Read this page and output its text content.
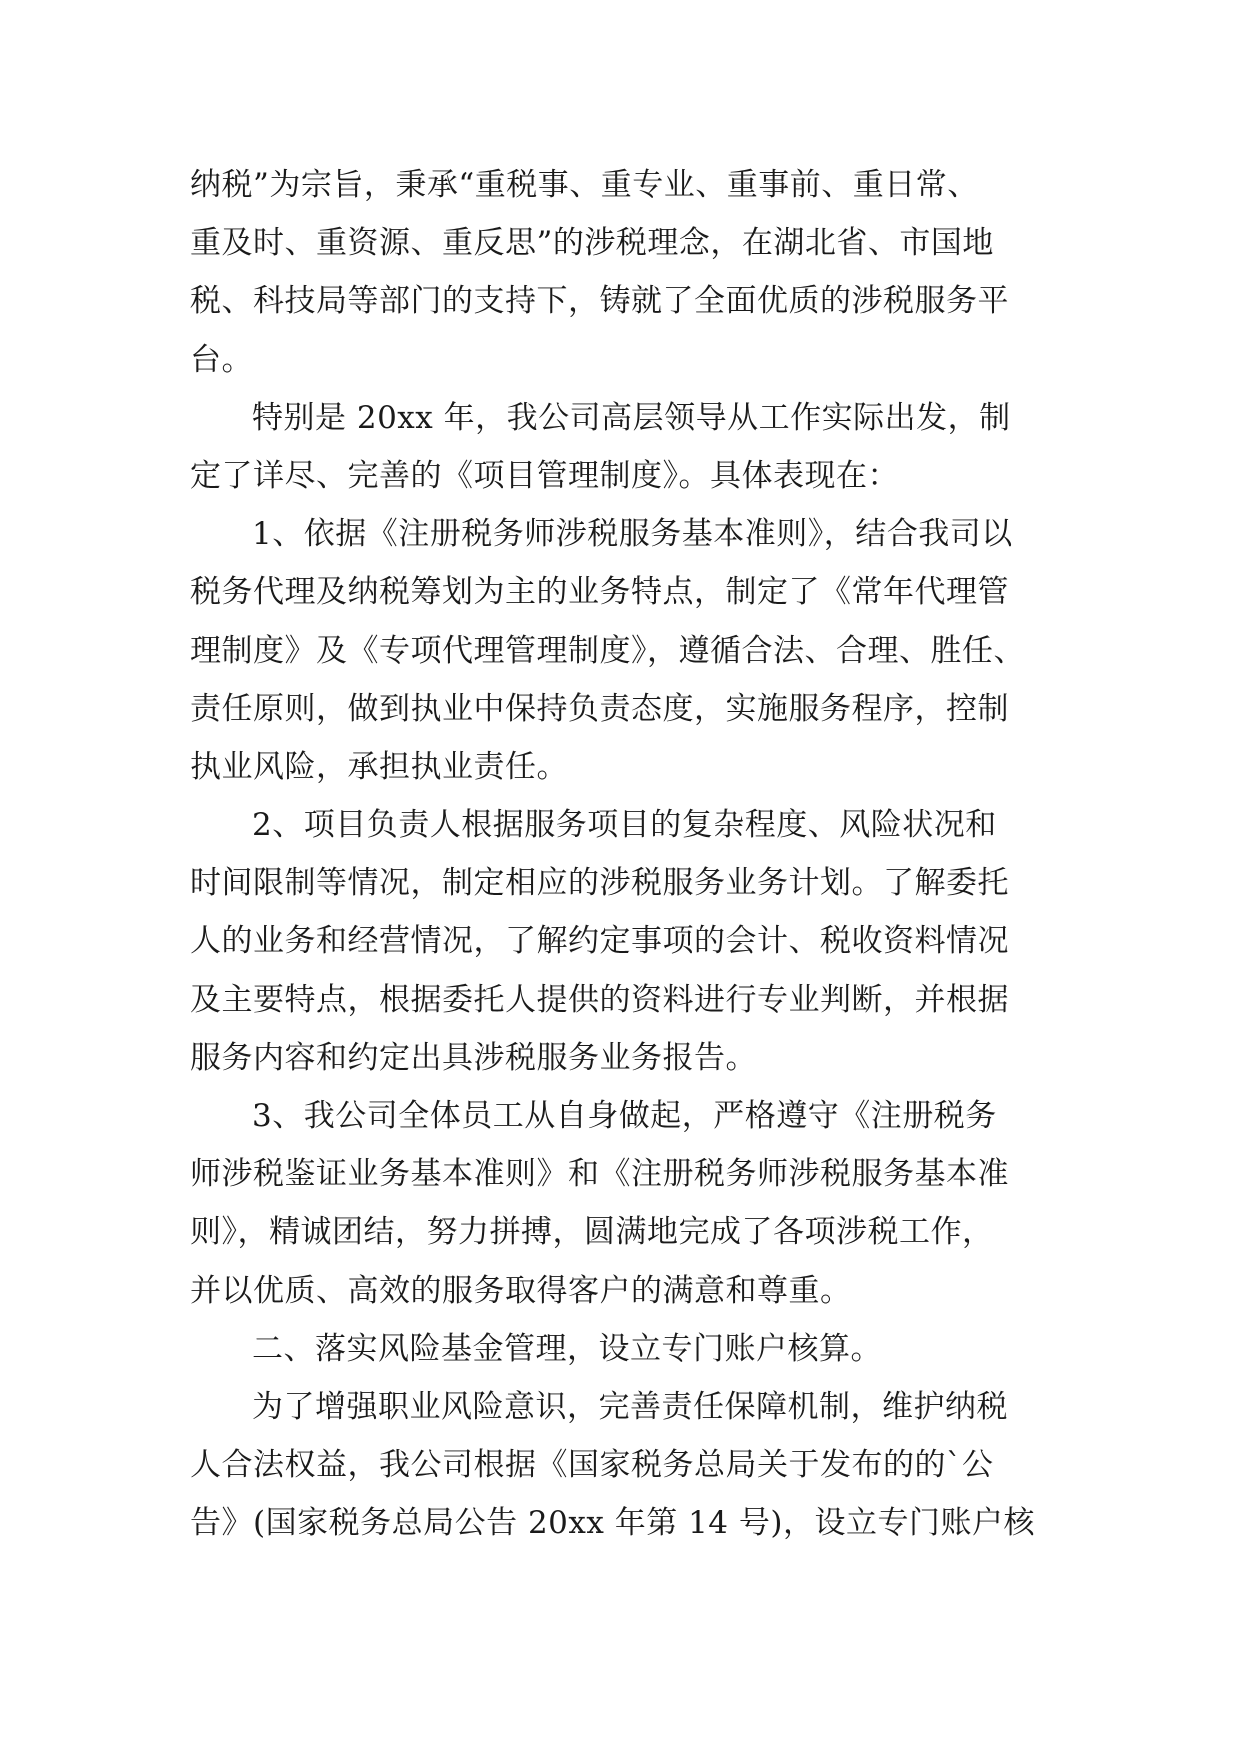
纳税”为宗旨，秉承“重税事、重专业、重事前、重日常、
重及时、重资源、重反思”的涉税理念，在湖北省、市国地
税、科技局等部门的支持下，铸就了全面优质的涉税服务平
台。
特别是 20xx 年，我公司高层领导从工作实际出发，制
定了详尽、完善的《项目管理制度》。具体表现在：
1、依据《注册税务师涉税服务基本准则》，结合我司以
税务代理及纳税筹划为主的业务特点，制定了《常年代理管
理制度》及《专项代理管理制度》，遵循合法、合理、胜任、
责任原则，做到执业中保持负责态度，实施服务程序，控制
执业风险，承担执业责任。
2、项目负责人根据服务项目的复杂程度、风险状况和
时间限制等情况，制定相应的涉税服务业务计划。了解委托
人的业务和经营情况，了解约定事项的会计、税收资料情况
及主要特点，根据委托人提供的资料进行专业判断，并根据
服务内容和约定出具涉税服务业务报告。
3、我公司全体员工从自身做起，严格遵守《注册税务
师涉税鉴证业务基本准则》和《注册税务师涉税服务基本准
则》，精诚团结，努力拼搏，圆满地完成了各项涉税工作，
并以优质、高效的服务取得客户的满意和尊重。
二、落实风险基金管理，设立专门账户核算。
为了增强职业风险意识，完善责任保障机制，维护纳税
人合法权益，我公司根据《国家税务总局关于发布的的`公
告》(国家税务总局公告 20xx 年第 14 号)，设立专门账户核
